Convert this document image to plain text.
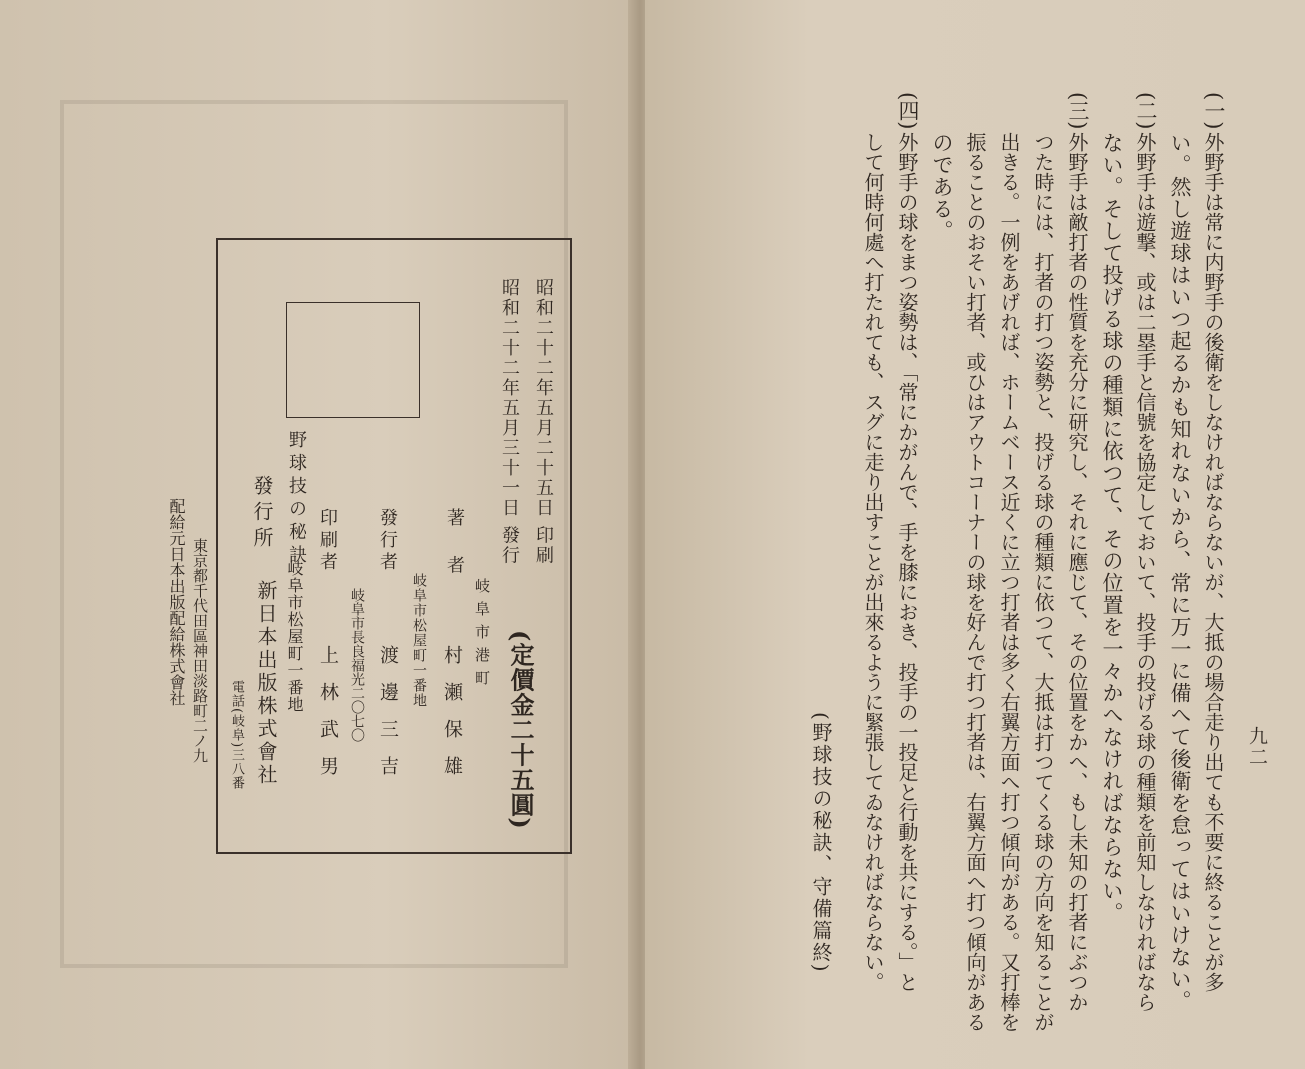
昭和二十二年五月二十五日 印刷
昭和二十二年五月三十一日 發行
(定價金二十五圓)
著 者
岐阜市港町
村瀬保雄
發行者
岐阜市松屋町一番地
渡邊三吉
印刷者
岐阜市長良福光二〇七〇
上林武男
野球技の秘訣
發行所
岐阜市松屋町一番地
新日本出版株式會社
電話(岐阜)三八番
東京都千代田區神田淡路町二ノ九
配給元日本出版配給株式會社
九二
(一)
外野手は常に内野手の後衛をしなければならないが、大抵の場合走り出ても不要に終ることが多
い。然し遊球はいつ起るかも知れないから、常に万一に備へて後衛を怠ってはいけない。
(二)
外野手は遊撃、或は二塁手と信號を協定しておいて、投手の投げる球の種類を前知しなければなら
ない。そして投げる球の種類に依つて、その位置を一々かへなければならない。
(三)
外野手は敵打者の性質を充分に研究し、それに應じて、その位置をかへ、もし未知の打者にぶつか
つた時には、打者の打つ姿勢と、投げる球の種類に依つて、大抵は打つてくる球の方向を知ることが
出きる。一例をあげれば、ホームベース近くに立つ打者は多く右翼方面へ打つ傾向がある。又打棒を
振ることのおそい打者、或ひはアウトコーナーの球を好んで打つ打者は、右翼方面へ打つ傾向がある
のである。
(四)
外野手の球をまつ姿勢は、「常にかがんで、手を膝におき、投手の一投足と行動を共にする。」と
して何時何處へ打たれても、スグに走り出すことが出來るように緊張してゐなければならない。
(野球技の秘訣、守備篇終)
